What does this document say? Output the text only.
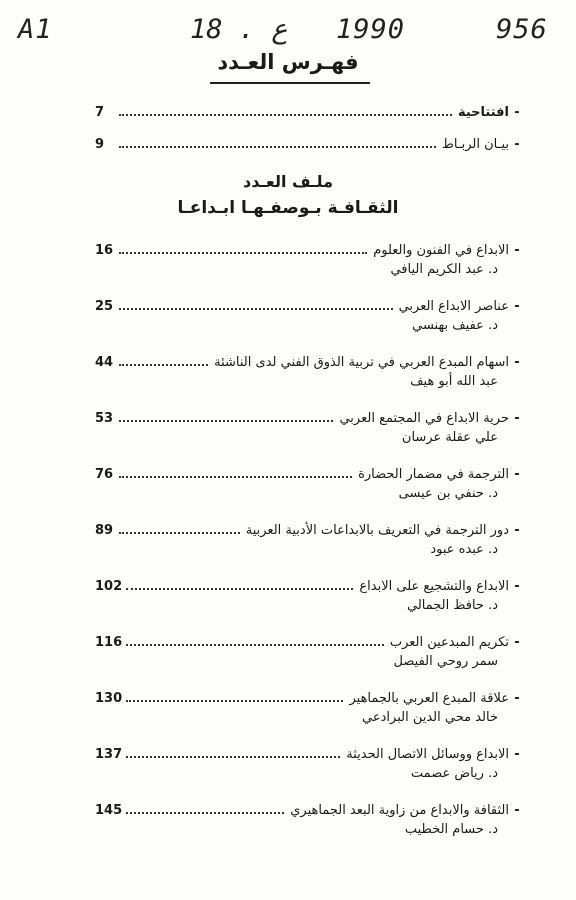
A1	18 . ع 1990	956
فهـرس العـدد
-
افتتاحية
7
-
بيـان الربـاط
9
ملـف العـدد
الثقـافـة بـوصفـهـا ابـداعـا
-
الابداع في الفنون والعلوم
16
د. عبد الكريم اليافي
-
عناصر الابداع العربي
25
د. عفيف بهنسي
-
اسهام المبدع العربي في تربية الذوق الفني لدى الناشئة
44
عبد الله أبو هيف
-
حرية الابداع في المجتمع العربي
53
علي عقلة عرسان
-
الترجمة في مضمار الحضارة
76
د. حنفي بن عيسى
-
دور الترجمة في التعريف بالابداعات الأدبية العربية
89
د. عبده عبود
-
الابداع والتشجيع على الابداع
102
د. حافظ الجمالي
-
تكريم المبدعين العرب
116
سمر روحي الفيصل
-
علاقة المبدع العربي بالجماهير
130
خالد محي الدين البرادعي
-
الابداع ووسائل الاتصال الحديثة
137
د. رياض عصمت
-
الثقافة والابداع من زاوية البعد الجماهيري
145
د. حسام الخطيب
